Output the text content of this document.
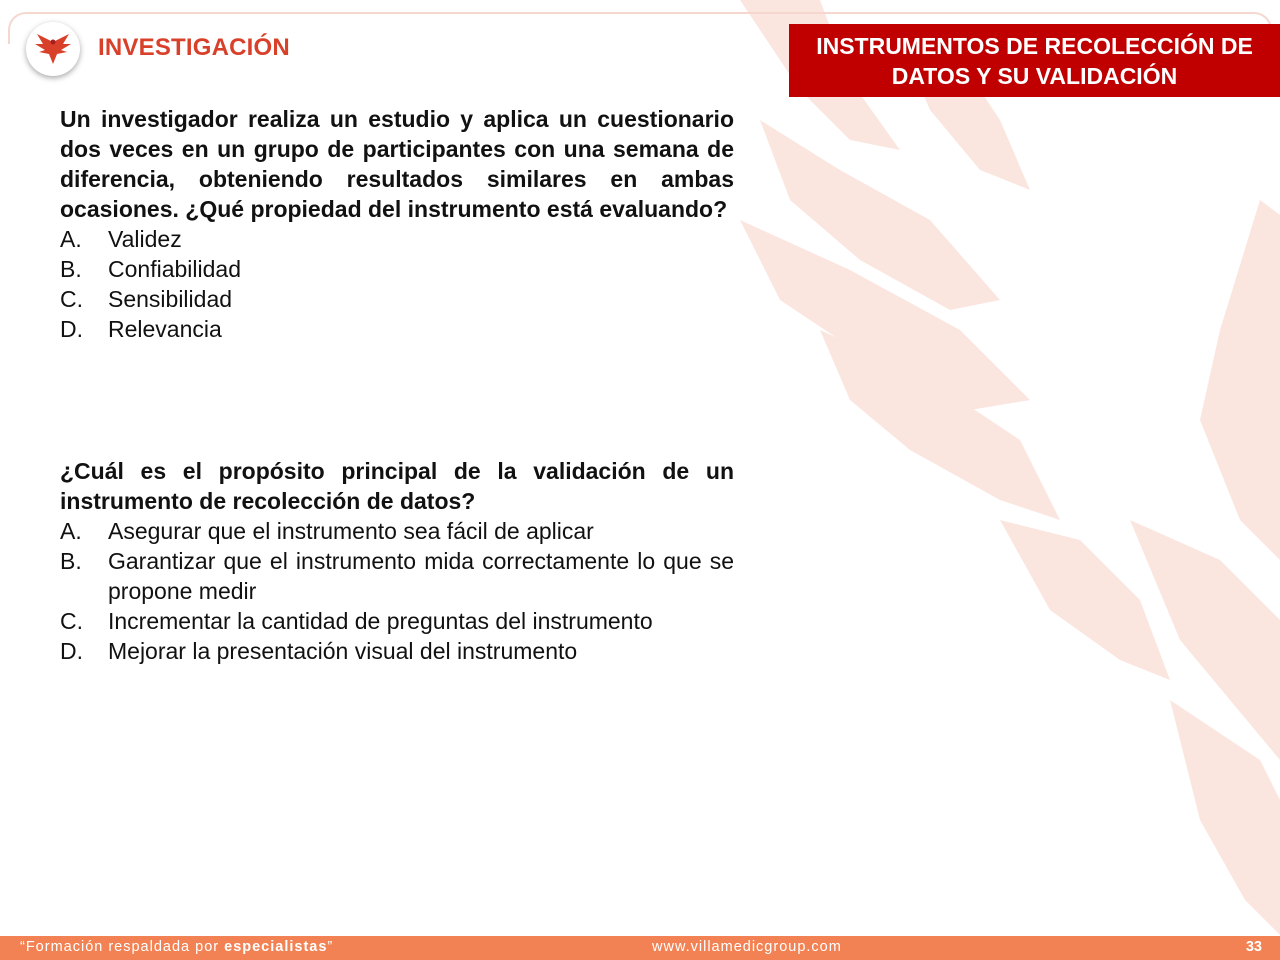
INVESTIGACIÓN	INSTRUMENTOS DE RECOLECCIÓN DE
DATOS Y SU VALIDACIÓN
Un investigador realiza un estudio y aplica un cuestionario dos veces en un grupo de participantes con una semana de diferencia, obteniendo resultados similares en ambas ocasiones. ¿Qué propiedad del instrumento está evaluando?
A.	Validez
B.	Confiabilidad
C.	Sensibilidad
D.	Relevancia
¿Cuál es el propósito principal de la validación de un instrumento de recolección de datos?
A.	Asegurar que el instrumento sea fácil de aplicar
B.	Garantizar que el instrumento mida correctamente lo que se propone medir
C.	Incrementar la cantidad de preguntas del instrumento
D.	Mejorar la presentación visual del instrumento
“Formación respaldada por especialistas”	www.villamedicgroup.com	33
